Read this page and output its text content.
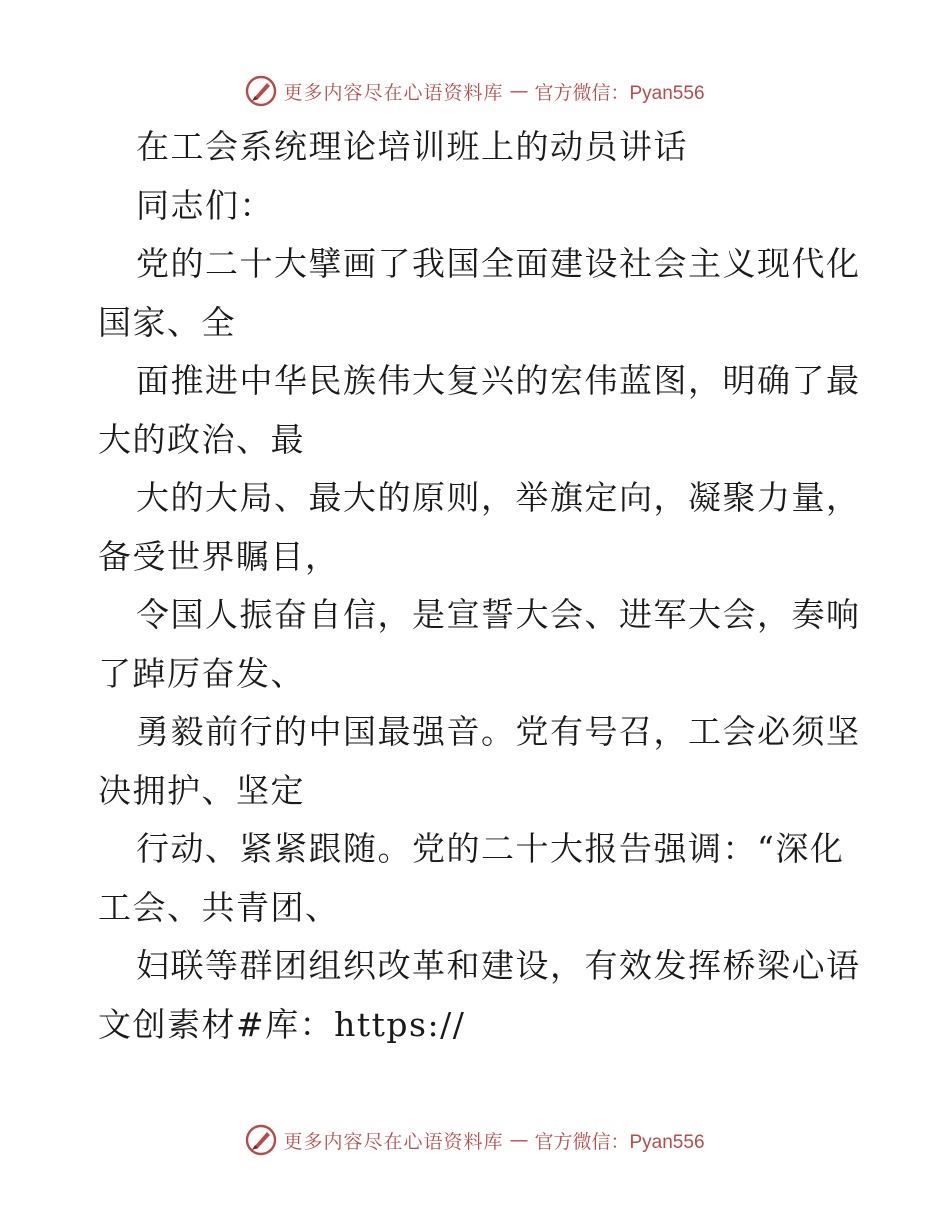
更多内容尽在心语资料库 — 官方微信：Pyan556
在工会系统理论培训班上的动员讲话
同志们：
党的二十大擘画了我国全面建设社会主义现代化
国家、全
面推进中华民族伟大复兴的宏伟蓝图，明确了最
大的政治、最
大的大局、最大的原则，举旗定向，凝聚力量，
备受世界瞩目，
令国人振奋自信，是宣誓大会、进军大会，奏响
了踔厉奋发、
勇毅前行的中国最强音。党有号召，工会必须坚
决拥护、坚定
行动、紧紧跟随。党的二十大报告强调：“深化
工会、共青团、
妇联等群团组织改革和建设，有效发挥桥梁心语
文创素材#库：https://
更多内容尽在心语资料库 — 官方微信：Pyan556
